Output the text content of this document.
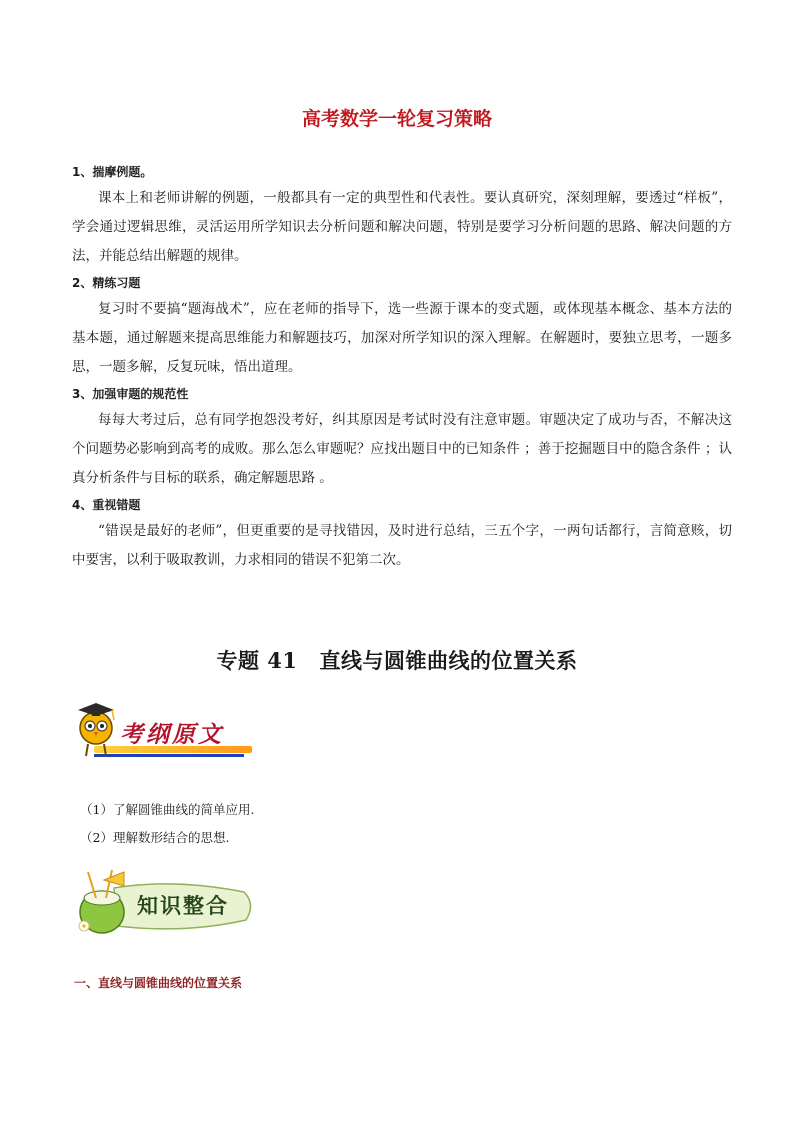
高考数学一轮复习策略

1、揣摩例题。

课本上和老师讲解的例题，一般都具有一定的典型性和代表性。要认真研究，深刻理解，要透过“样板”，学会通过逻辑思维，灵活运用所学知识去分析问题和解决问题，特别是要学习分析问题的思路、解决问题的方法，并能总结出解题的规律。

2、精练习题

复习时不要搞“题海战术”，应在老师的指导下，选一些源于课本的变式题，或体现基本概念、基本方法的基本题，通过解题来提高思维能力和解题技巧，加深对所学知识的深入理解。在解题时，要独立思考，一题多思，一题多解，反复玩味，悟出道理。

3、加强审题的规范性

每每大考过后，总有同学抱怨没考好，纠其原因是考试时没有注意审题。审题决定了成功与否，不解决这个问题势必影响到高考的成败。那么怎么审题呢？应找出题目中的已知条件 ；善于挖掘题目中的隐含条件 ；认真分析条件与目标的联系，确定解题思路 。

4、重视错题

“错误是最好的老师”，但更重要的是寻找错因，及时进行总结，三五个字，一两句话都行，言简意赅，切中要害，以利于吸取教训，力求相同的错误不犯第二次。

专题 41 直线与圆锥曲线的位置关系
考纲原文

（1）了解圆锥曲线的简单应用.

（2）理解数形结合的思想.

知识整合

一、直线与圆锥曲线的位置关系
